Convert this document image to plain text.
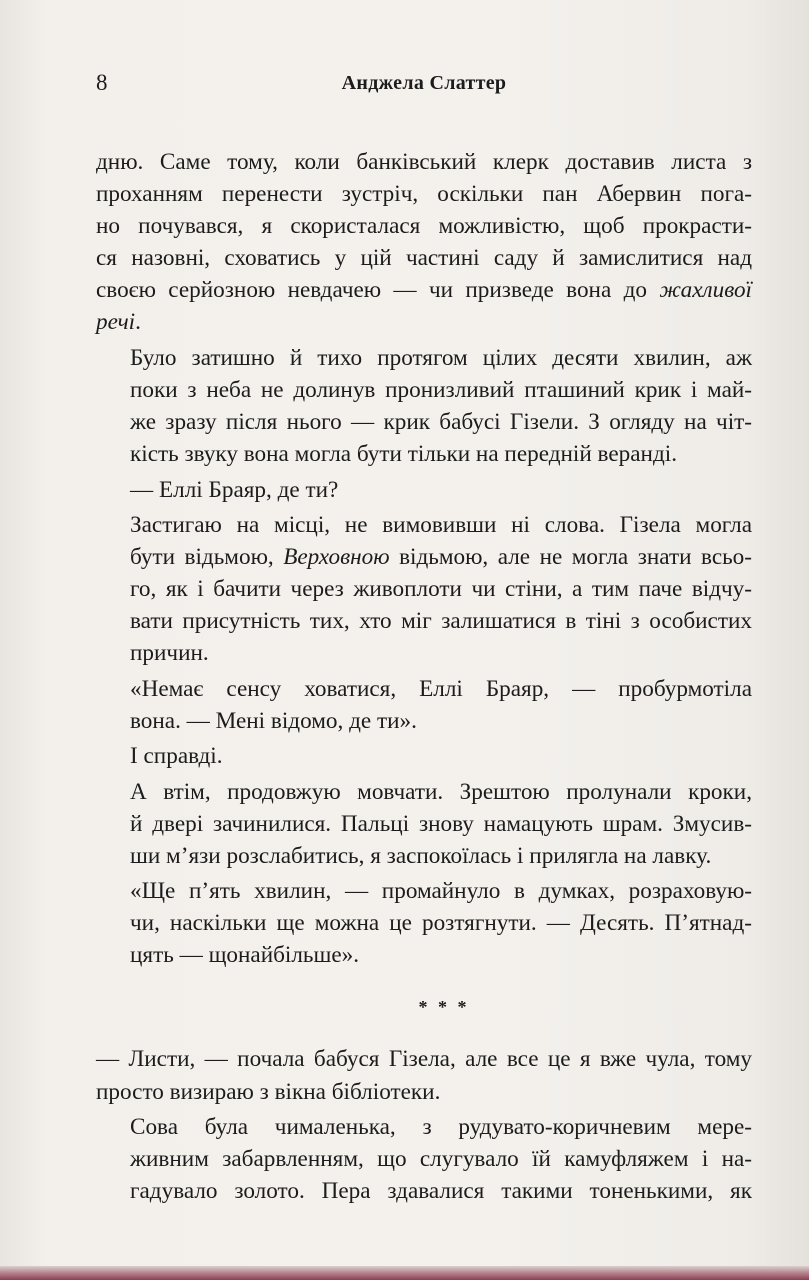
8	Анджела Слаттер

дню. Саме тому, коли банківський клерк доставив листа з
проханням перенести зустріч, оскільки пан Абервин пога-
но почувався, я скористалася можливістю, щоб прокрасти-
ся назовні, сховатись у цій частині саду й замислитися над
своєю серйозною невдачею — чи призведе вона до жахливої
речі.

Було затишно й тихо протягом цілих десяти хвилин, аж
поки з неба не долинув пронизливий пташиний крик і май-
же зразу після нього — крик бабусі Гізели. З огляду на чіт-
кість звуку вона могла бути тільки на передній веранді.

— Еллі Браяр, де ти?

Застигаю на місці, не вимовивши ні слова. Гізела могла
бути відьмою, Верховною відьмою, але не могла знати всьо-
го, як і бачити через живоплоти чи стіни, а тим паче відчу-
вати присутність тих, хто міг залишатися в тіні з особистих
причин.

«Немає сенсу ховатися, Еллі Браяр, — пробурмотіла
вона. — Мені відомо, де ти».

І справді.

А втім, продовжую мовчати. Зрештою пролунали кроки,
й двері зачинилися. Пальці знову намацують шрам. Змусив-
ши м’язи розслабитись, я заспокоїлась і прилягла на лавку.

«Ще п’ять хвилин, — промайнуло в думках, розраховую-
чи, наскільки ще можна це розтягнути. — Десять. П’ятнад-
цять — щонайбільше».

* * *

— Листи, — почала бабуся Гізела, але все це я вже чула, тому
просто визираю з вікна бібліотеки.

Сова була чималенька, з рудувато-коричневим мере-
живним забарвленням, що слугувало їй камуфляжем і на-
гадувало золото. Пера здавалися такими тоненькими, як
